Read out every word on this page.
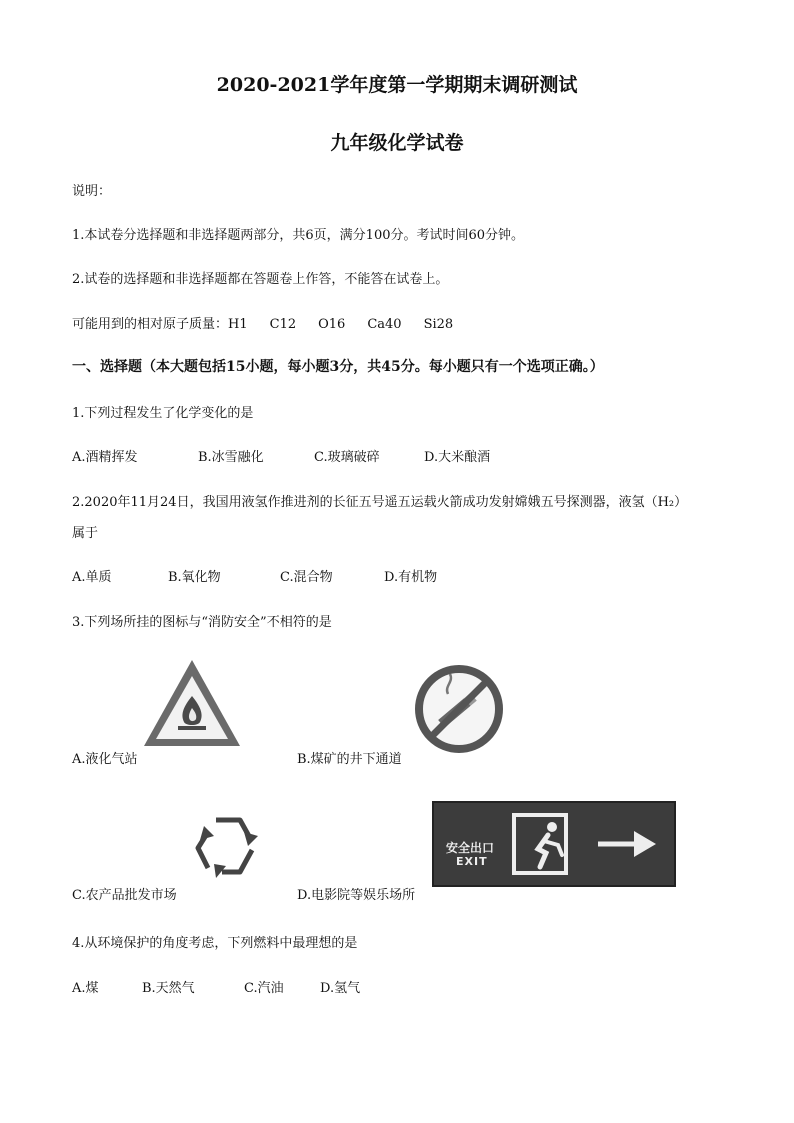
2020-2021学年度第一学期期末调研测试
九年级化学试卷
说明：
1.本试卷分选择题和非选择题两部分，共6页，满分100分。考试时间60分钟。
2.试卷的选择题和非选择题都在答题卷上作答，不能答在试卷上。
可能用到的相对原子质量：H1 C12 O16 Ca40 Si28
一、选择题（本大题包括15小题，每小题3分，共45分。每小题只有一个选项正确。）
1.下列过程发生了化学变化的是
A.酒精挥发	B.冰雪融化	C.玻璃破碎	D.大米酿酒
2.2020年11月24日，我国用液氢作推进剂的长征五号遥五运载火箭成功发射嫦娥五号探测器，液氢（H₂）
属于
A.单质	B.氧化物	C.混合物	D.有机物
3.下列场所挂的图标与“消防安全”不相符的是
A.液化气站	B.煤矿的井下通道
安全出口
EXIT
C.农产品批发市场	D.电影院等娱乐场所
4.从环境保护的角度考虑，下列燃料中最理想的是
A.煤	B.天然气	C.汽油	D.氢气
